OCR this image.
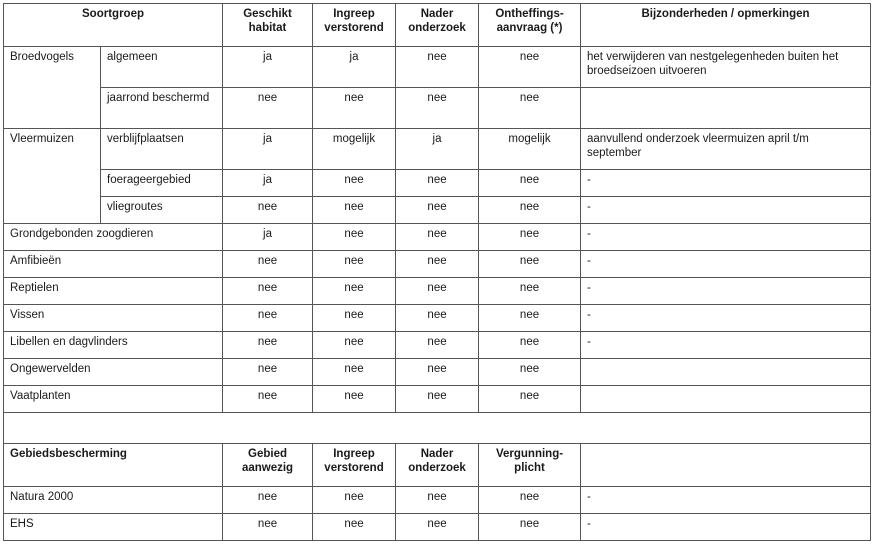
Soortgroep		Geschikt habitat	Ingreep verstorend	Nader onderzoek	Ontheffings-aanvraag (*)	Bijzonderheden / opmerkingen
Broedvogels	algemeen	ja	ja	nee	nee	het verwijderen van nestgelegenheden buiten het broedseizoen uitvoeren
	jaarrond beschermd	nee	nee	nee	nee	
Vleermuizen	verblijfplaatsen	ja	mogelijk	ja	mogelijk	aanvullend onderzoek vleermuizen april t/m september
	foerageergebied	ja	nee	nee	nee	-
	vliegroutes	nee	nee	nee	nee	-
Grondgebonden zoogdieren		ja	nee	nee	nee	-
Amfibieën		nee	nee	nee	nee	-
Reptielen		nee	nee	nee	nee	-
Vissen		nee	nee	nee	nee	-
Libellen en dagvlinders		nee	nee	nee	nee	-
Ongewervelden		nee	nee	nee	nee	
Vaatplanten		nee	nee	nee	nee	

Gebiedsbescherming		Gebied aanwezig	Ingreep verstorend	Nader onderzoek	Vergunning-plicht	
Natura 2000		nee	nee	nee	nee	-
EHS		nee	nee	nee	nee	-
